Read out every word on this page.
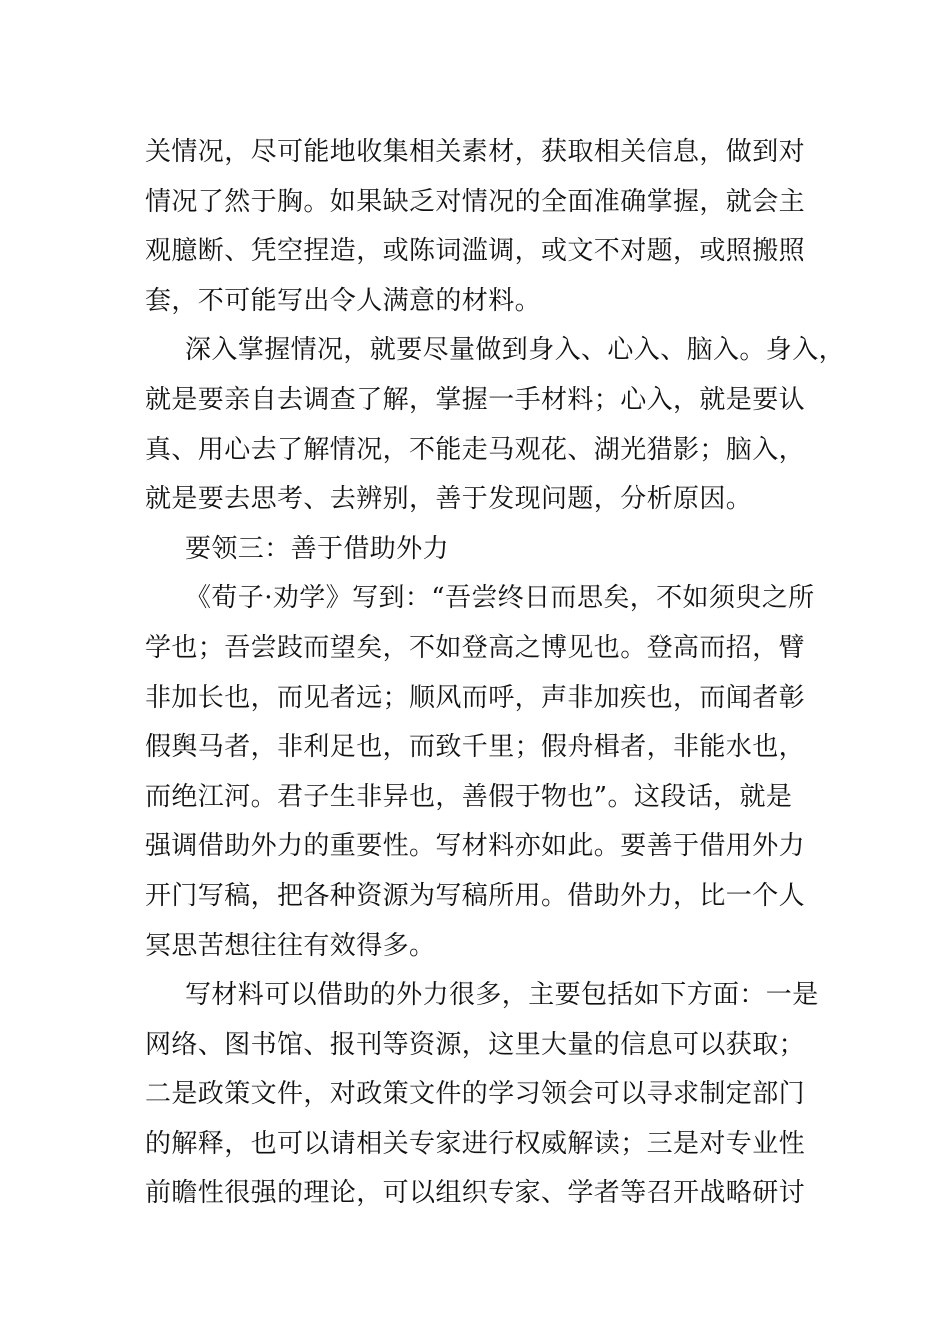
关情况，尽可能地收集相关素材，获取相关信息，做到对
情况了然于胸。如果缺乏对情况的全面准确掌握，就会主
观臆断、凭空捏造，或陈词滥调，或文不对题，或照搬照
套，不可能写出令人满意的材料。
深入掌握情况，就要尽量做到身入、心入、脑入。身入，
就是要亲自去调查了解，掌握一手材料；心入，就是要认
真、用心去了解情况，不能走马观花、湖光猎影；脑入，
就是要去思考、去辨别，善于发现问题，分析原因。
要领三：善于借助外力
《荀子·劝学》写到：“吾尝终日而思矣，不如须臾之所
学也；吾尝跂而望矣，不如登高之博见也。登高而招，臂
非加长也，而见者远；顺风而呼，声非加疾也，而闻者彰
假舆马者，非利足也，而致千里；假舟楫者，非能水也，
而绝江河。君子生非异也，善假于物也”。这段话，就是
强调借助外力的重要性。写材料亦如此。要善于借用外力
开门写稿，把各种资源为写稿所用。借助外力，比一个人
冥思苦想往往有效得多。
写材料可以借助的外力很多，主要包括如下方面：一是
网络、图书馆、报刊等资源，这里大量的信息可以获取；
二是政策文件，对政策文件的学习领会可以寻求制定部门
的解释，也可以请相关专家进行权威解读；三是对专业性
前瞻性很强的理论，可以组织专家、学者等召开战略研讨
